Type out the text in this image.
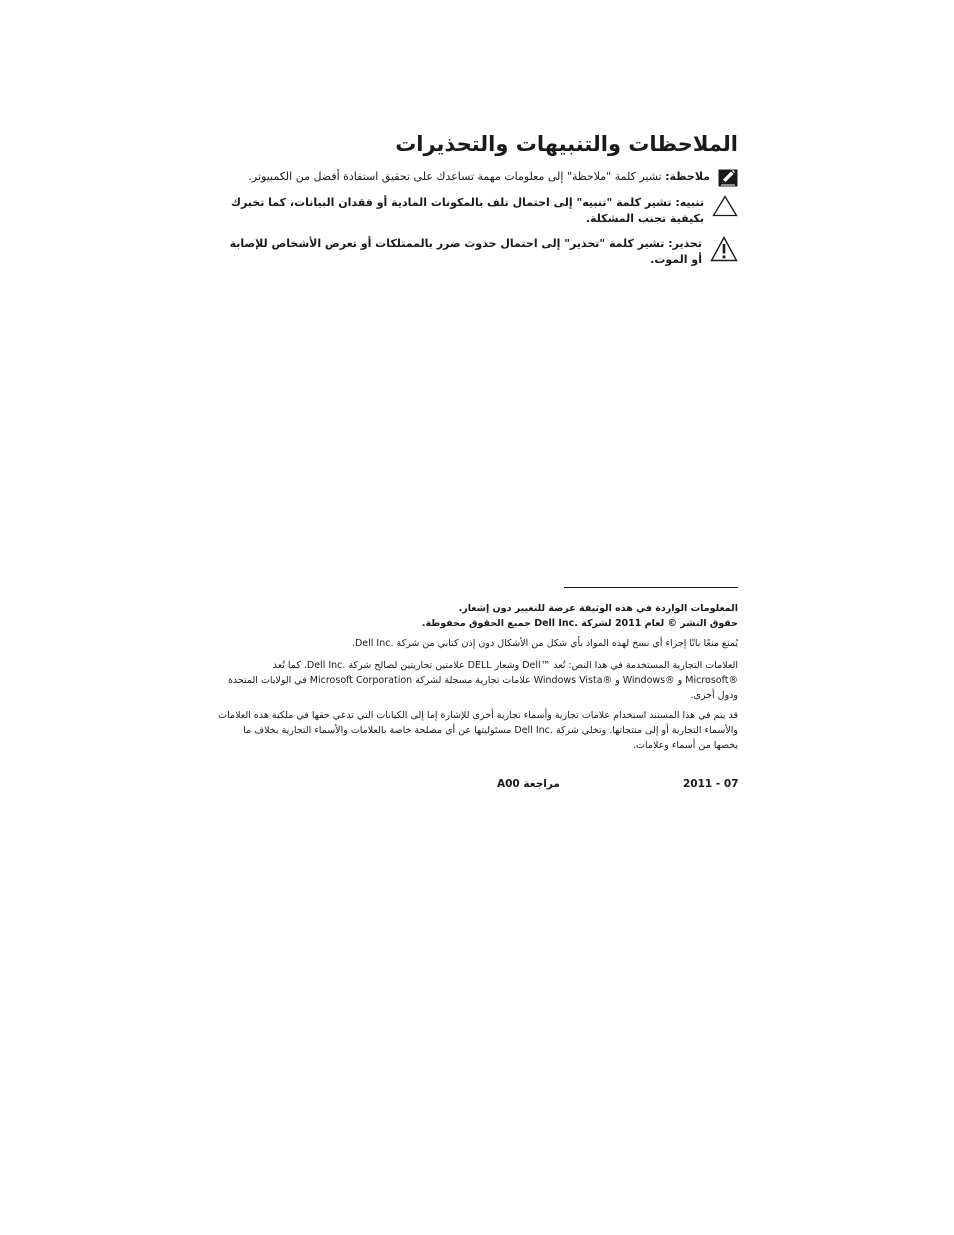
الملاحظات والتنبيهات والتحذيرات
ملاحظة: تشير كلمة "ملاحظة" إلى معلومات مهمة تساعدك على تحقيق استفادة أفضل من الكمبيوتر.
تنبيه: تشير كلمة "تنبيه" إلى احتمال تلف بالمكونات المادية أو فقدان البيانات، كما تخبرك بكيفية تجنب المشكلة.
تحذير: تشير كلمة "تحذير" إلى احتمال حدوث ضرر بالممتلكات أو تعرض الأشخاص للإصابة أو الموت.
المعلومات الواردة في هذه الوثيقة عرضة للتغيير دون إشعار.
حقوق النشر © لعام 2011 لشركة .Dell Inc جميع الحقوق محفوظة.
يُمنع منعًا باتًا إجراء أي نسخ لهذه المواد بأي شكل من الأشكال دون إذن كتابي من شركة .Dell Inc.
العلامات التجارية المستخدمة في هذا النص: تُعد ™Dell وشعار DELL علامتين تجاريتين لصالح شركة .Dell Inc. كما تُعد ®Microsoft و ®Windows و ®Windows Vista علامات تجارية مسجلة لشركة Microsoft Corporation في الولايات المتحدة ودول أخرى.
قد يتم في هذا المستند استخدام علامات تجارية وأسماء تجارية أخرى للإشارة إما إلى الكيانات التي تدعي حقها في ملكية هذه العلامات والأسماء التجارية أو إلى منتجاتها. وتخلي شركة .Dell Inc مسئوليتها عن أي مصلحة خاصة بالعلامات والأسماء التجارية بخلاف ما يخصها من أسماء وعلامات.
2011 - 07
مراجعة A00
